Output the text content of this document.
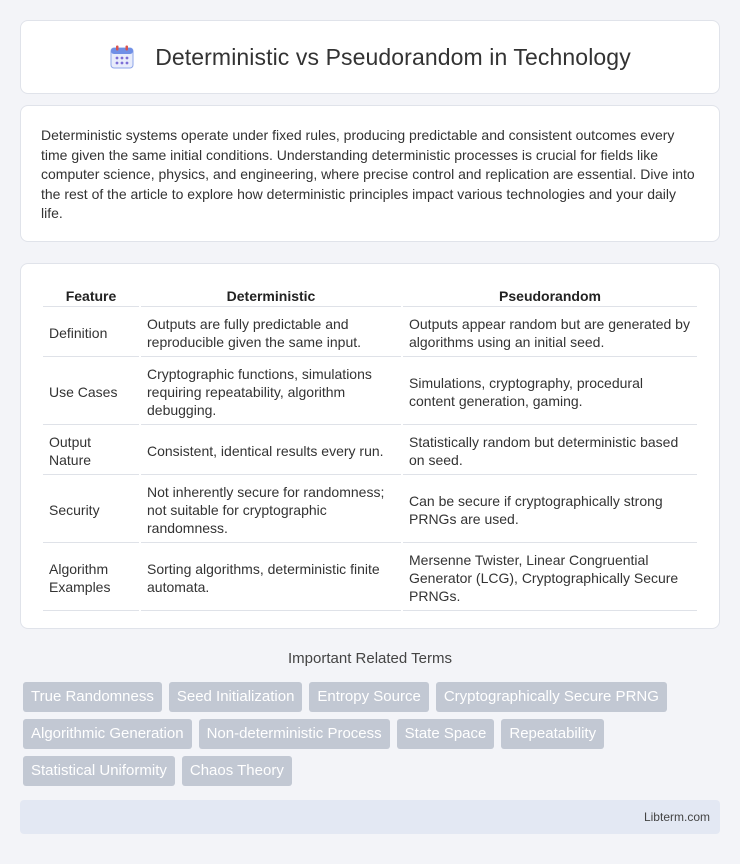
Deterministic vs Pseudorandom in Technology

Deterministic systems operate under fixed rules, producing predictable and consistent outcomes every time given the same initial conditions. Understanding deterministic processes is crucial for fields like computer science, physics, and engineering, where precise control and replication are essential. Dive into the rest of the article to explore how deterministic principles impact various technologies and your daily life.

Feature	Deterministic	Pseudorandom
Definition	Outputs are fully predictable and reproducible given the same input.	Outputs appear random but are generated by algorithms using an initial seed.
Use Cases	Cryptographic functions, simulations requiring repeatability, algorithm debugging.	Simulations, cryptography, procedural content generation, gaming.
Output Nature	Consistent, identical results every run.	Statistically random but deterministic based on seed.
Security	Not inherently secure for randomness; not suitable for cryptographic randomness.	Can be secure if cryptographically strong PRNGs are used.
Algorithm Examples	Sorting algorithms, deterministic finite automata.	Mersenne Twister, Linear Congruential Generator (LCG), Cryptographically Secure PRNGs.
Important Related Terms
True Randomness	Seed Initialization	Entropy Source	Cryptographically Secure PRNG
Algorithmic Generation	Non-deterministic Process	State Space	Repeatability
Statistical Uniformity	Chaos Theory
Libterm.com
